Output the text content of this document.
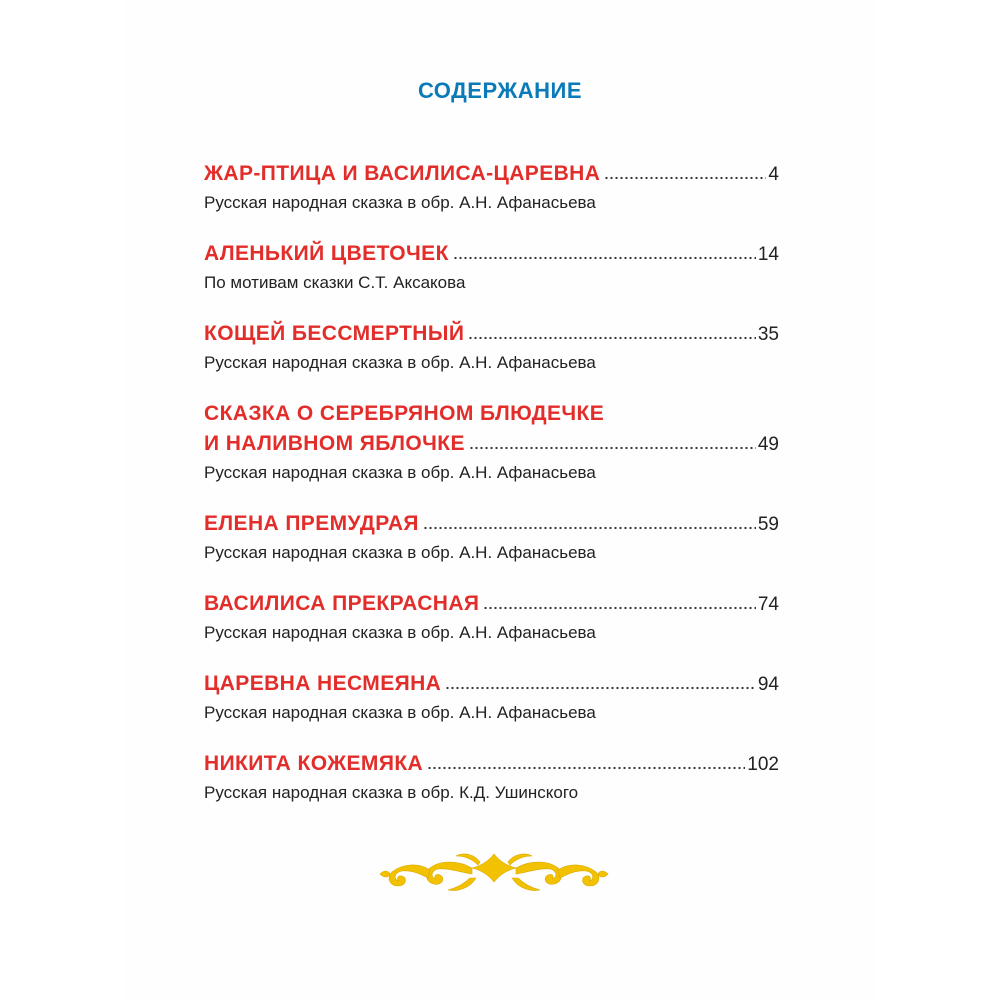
СОДЕРЖАНИЕ
ЖАР-ПТИЦА И ВАСИЛИСА-ЦАРЕВНА	4
Русская народная сказка в обр. А.Н. Афанасьева
АЛЕНЬКИЙ ЦВЕТОЧЕК	14
По мотивам сказки С.Т. Аксакова
КОЩЕЙ БЕССМЕРТНЫЙ	35
Русская народная сказка в обр. А.Н. Афанасьева
СКАЗКА О СЕРЕБРЯНОМ БЛЮДЕЧКЕ
И НАЛИВНОМ ЯБЛОЧКЕ	49
Русская народная сказка в обр. А.Н. Афанасьева
ЕЛЕНА ПРЕМУДРАЯ	59
Русская народная сказка в обр. А.Н. Афанасьева
ВАСИЛИСА ПРЕКРАСНАЯ	74
Русская народная сказка в обр. А.Н. Афанасьева
ЦАРЕВНА НЕСМЕЯНА	94
Русская народная сказка в обр. А.Н. Афанасьева
НИКИТА КОЖЕМЯКА	102
Русская народная сказка в обр. К.Д. Ушинского
